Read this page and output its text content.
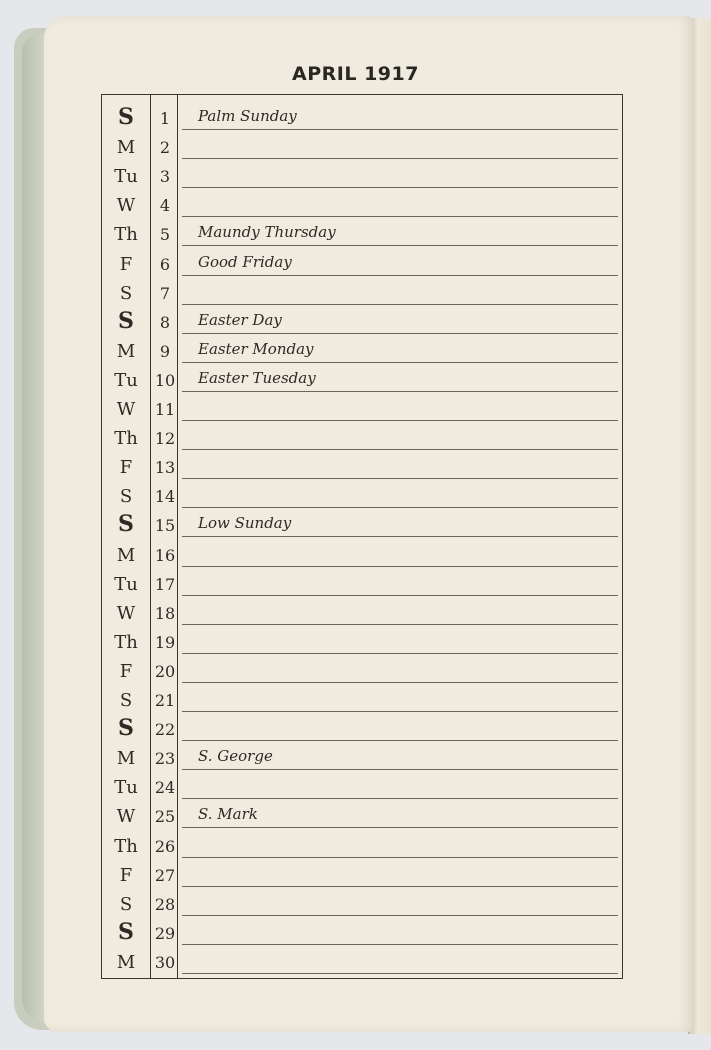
APRIL 1917
S	1	Palm Sunday
M	2
Tu	3
W	4
Th	5	Maundy Thursday
F	6	Good Friday
S	7
S	8	Easter Day
M	9	Easter Monday
Tu	10 Easter Tuesday
W	11
Th	12
F	13
S	14
S	15 Low Sunday
M	16
Tu	17
W	18
Th	19
F	20
S	21
S	22
M	23 S. George
Tu	24
W	25 S. Mark
Th	26
F	27
S	28
S	29
M	30
